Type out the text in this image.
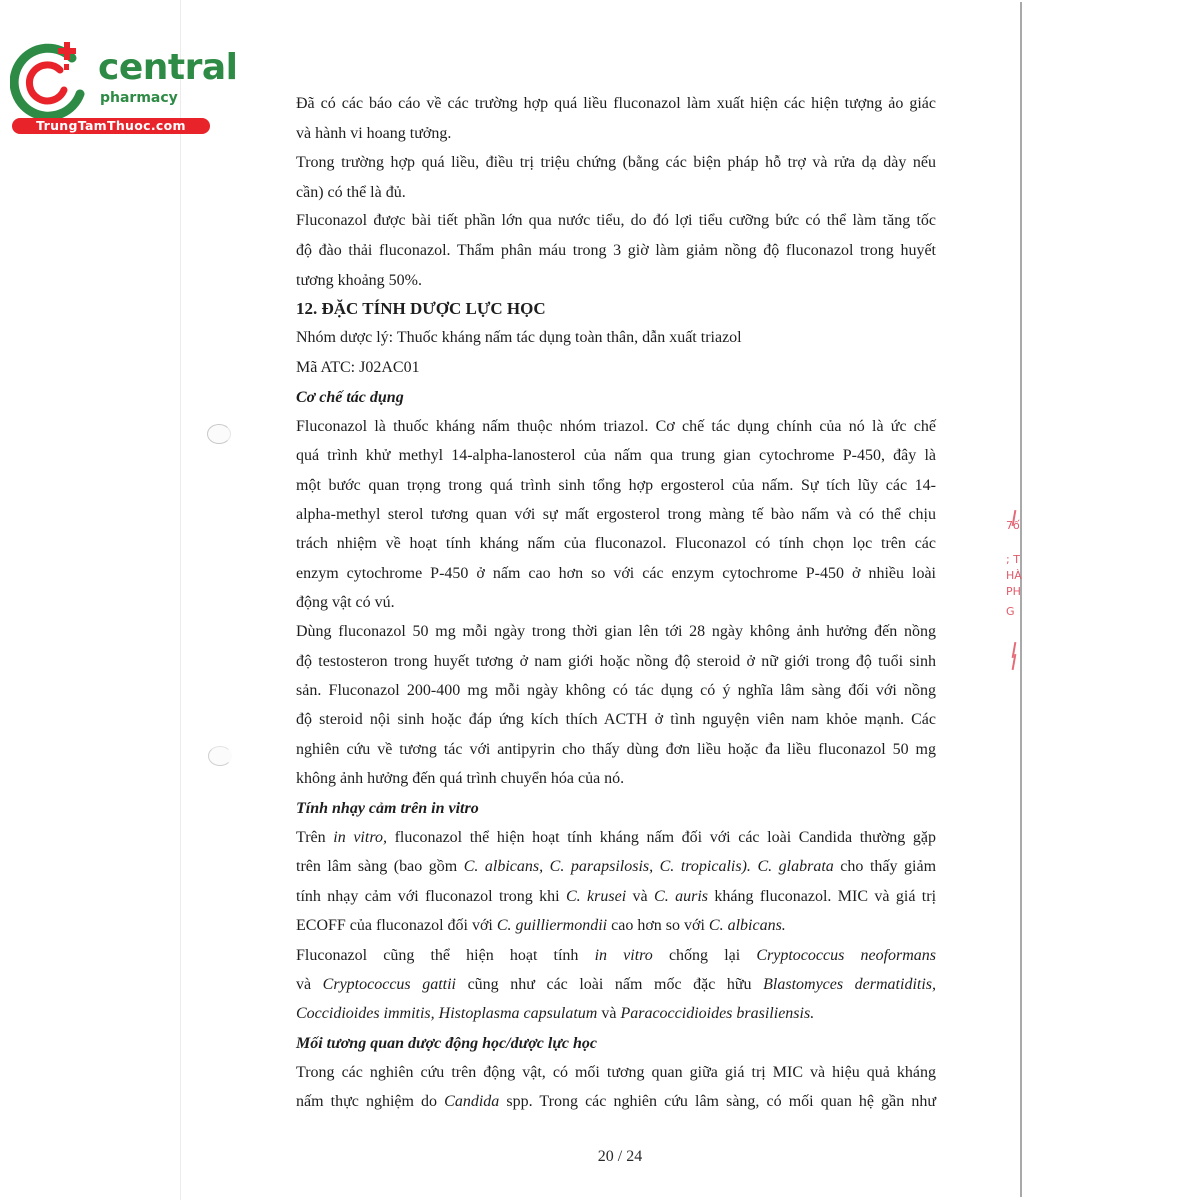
central
pharmacy
TrungTamThuoc.com
7ố
; T
HÀ
PH
G
Đã có các báo cáo về các trường hợp quá liều fluconazol làm xuất hiện các hiện tượng ảo giác
và hành vi hoang tưởng.
Trong trường hợp quá liều, điều trị triệu chứng (bằng các biện pháp hỗ trợ và rửa dạ dày nếu
cần) có thể là đủ.
Fluconazol được bài tiết phần lớn qua nước tiểu, do đó lợi tiểu cưỡng bức có thể làm tăng tốc
độ đào thải fluconazol. Thẩm phân máu trong 3 giờ làm giảm nồng độ fluconazol trong huyết
tương khoảng 50%.
12. ĐẶC TÍNH DƯỢC LỰC HỌC
Nhóm dược lý: Thuốc kháng nấm tác dụng toàn thân, dẫn xuất triazol
Mã ATC: J02AC01
Cơ chế tác dụng
Fluconazol là thuốc kháng nấm thuộc nhóm triazol. Cơ chế tác dụng chính của nó là ức chế
quá trình khử methyl 14-alpha-lanosterol của nấm qua trung gian cytochrome P-450, đây là
một bước quan trọng trong quá trình sinh tổng hợp ergosterol của nấm. Sự tích lũy các 14-
alpha-methyl sterol tương quan với sự mất ergosterol trong màng tế bào nấm và có thể chịu
trách nhiệm về hoạt tính kháng nấm của fluconazol. Fluconazol có tính chọn lọc trên các
enzym cytochrome P-450 ở nấm cao hơn so với các enzym cytochrome P-450 ở nhiều loài
động vật có vú.
Dùng fluconazol 50 mg mỗi ngày trong thời gian lên tới 28 ngày không ảnh hưởng đến nồng
độ testosteron trong huyết tương ở nam giới hoặc nồng độ steroid ở nữ giới trong độ tuổi sinh
sản. Fluconazol 200-400 mg mỗi ngày không có tác dụng có ý nghĩa lâm sàng đối với nồng
độ steroid nội sinh hoặc đáp ứng kích thích ACTH ở tình nguyện viên nam khỏe mạnh. Các
nghiên cứu về tương tác với antipyrin cho thấy dùng đơn liều hoặc đa liều fluconazol 50 mg
không ảnh hưởng đến quá trình chuyển hóa của nó.
Tính nhạy cảm trên in vitro
Trên in vitro, fluconazol thể hiện hoạt tính kháng nấm đối với các loài Candida thường gặp
trên lâm sàng (bao gồm C. albicans, C. parapsilosis, C. tropicalis). C. glabrata cho thấy giảm
tính nhạy cảm với fluconazol trong khi C. krusei và C. auris kháng fluconazol. MIC và giá trị
ECOFF của fluconazol đối với C. guilliermondii cao hơn so với C. albicans.
Fluconazol cũng thể hiện hoạt tính in vitro chống lại Cryptococcus neoformans
và Cryptococcus gattii cũng như các loài nấm mốc đặc hữu Blastomyces dermatiditis,
Coccidioides immitis, Histoplasma capsulatum và Paracoccidioides brasiliensis.
Mối tương quan dược động học/dược lực học
Trong các nghiên cứu trên động vật, có mối tương quan giữa giá trị MIC và hiệu quả kháng
nấm thực nghiệm do Candida spp. Trong các nghiên cứu lâm sàng, có mối quan hệ gần như
20 / 24
